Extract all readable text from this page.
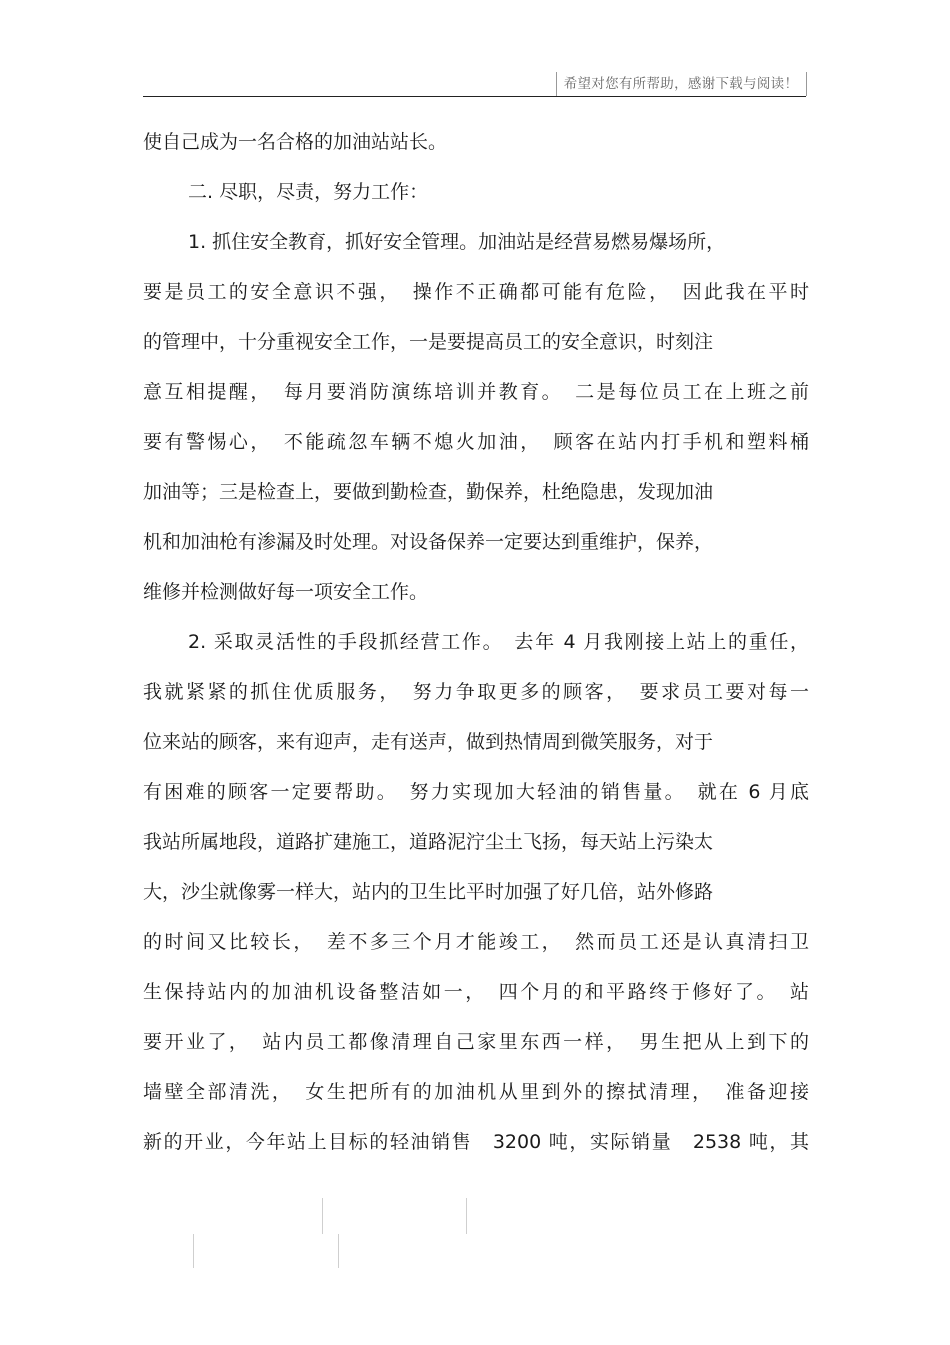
希望对您有所帮助，感谢下载与阅读！
使自己成为一名合格的加油站站长。
二. 尽职，尽责，努力工作：
1. 抓住安全教育，抓好安全管理。加油站是经营易燃易爆场所，
要是员工的安全意识不强，　操作不正确都可能有危险，　因此我在平时
的管理中，十分重视安全工作，一是要提高员工的安全意识，时刻注
意互相提醒，　每月要消防演练培训并教育。　二是每位员工在上班之前
要有警惕心，　不能疏忽车辆不熄火加油，　顾客在站内打手机和塑料桶
加油等；三是检查上，要做到勤检查，勤保养，杜绝隐患，发现加油
机和加油枪有渗漏及时处理。对设备保养一定要达到重维护，保养，
维修并检测做好每一项安全工作。
2. 采取灵活性的手段抓经营工作。　去年 4 月我刚接上站上的重任，
我就紧紧的抓住优质服务，　努力争取更多的顾客，　要求员工要对每一
位来站的顾客，来有迎声，走有送声，做到热情周到微笑服务，对于
有困难的顾客一定要帮助。　努力实现加大轻油的销售量。　就在 6 月底
我站所属地段，道路扩建施工，道路泥泞尘土飞扬，每天站上污染太
大，沙尘就像雾一样大，站内的卫生比平时加强了好几倍，站外修路
的时间又比较长，　差不多三个月才能竣工，　然而员工还是认真清扫卫
生保持站内的加油机设备整洁如一，　四个月的和平路终于修好了。　站
要开业了，　站内员工都像清理自己家里东西一样，　男生把从上到下的
墙壁全部清洗，　女生把所有的加油机从里到外的擦拭清理，　准备迎接
新的开业，今年站上目标的轻油销售　3200 吨，实际销量　2538 吨，其
